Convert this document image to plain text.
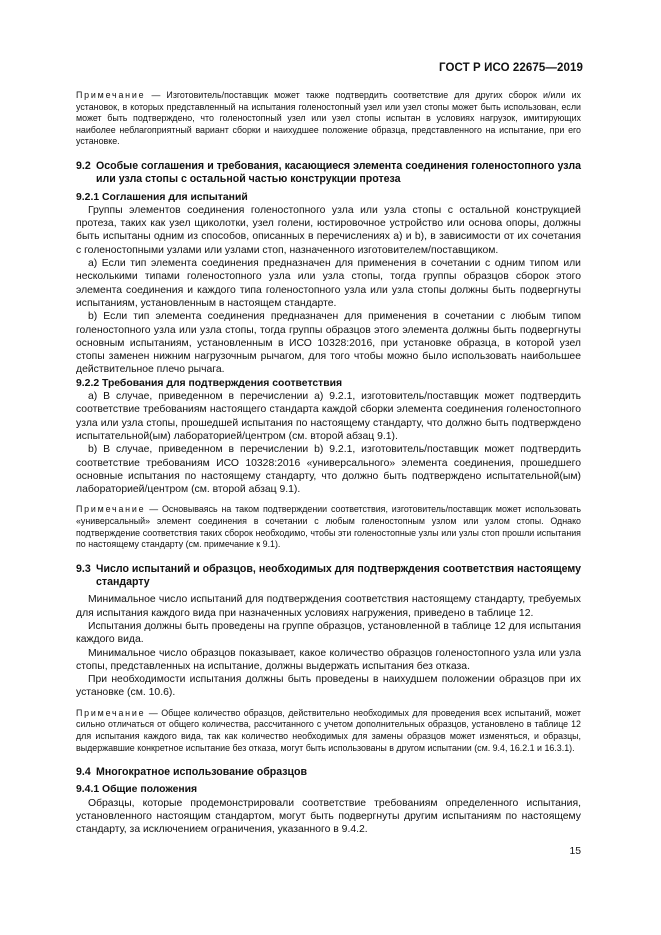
ГОСТ Р ИСО 22675—2019

Примечание — Изготовитель/поставщик может также подтвердить соответствие для других сборок и/или их установок, в которых представленный на испытания голеностопный узел или узел стопы может быть использован, если может быть подтверждено, что голеностопный узел или узел стопы испытан в условиях нагрузок, имитирующих наиболее неблагоприятный вариант сборки и наихудшее положение образца, представленного на испытание, при его установке.

9.2 Особые соглашения и требования, касающиеся элемента соединения голеностопного узла или узла стопы с остальной частью конструкции протеза

9.2.1 Соглашения для испытаний

Группы элементов соединения голеностопного узла или узла стопы с остальной конструкцией протеза, таких как узел щиколотки, узел голени, юстировочное устройство или основа опоры, должны быть испытаны одним из способов, описанных в перечислениях a) и b), в зависимости от их сочетания с голеностопными узлами или узлами стоп, назначенного изготовителем/поставщиком.

a) Если тип элемента соединения предназначен для применения в сочетании с одним типом или несколькими типами голеностопного узла или узла стопы, тогда группы образцов сборок этого элемента соединения и каждого типа голеностопного узла или узла стопы должны быть подвергнуты испытаниям, установленным в настоящем стандарте.

b) Если тип элемента соединения предназначен для применения в сочетании с любым типом голеностопного узла или узла стопы, тогда группы образцов этого элемента должны быть подвергнуты основным испытаниям, установленным в ИСО 10328:2016, при установке образца, в которой узел стопы заменен нижним нагрузочным рычагом, для того чтобы можно было использовать наибольшее действительное плечо рычага.

9.2.2 Требования для подтверждения соответствия

a) В случае, приведенном в перечислении a) 9.2.1, изготовитель/поставщик может подтвердить соответствие требованиям настоящего стандарта каждой сборки элемента соединения голеностопного узла или узла стопы, прошедшей испытания по настоящему стандарту, что должно быть подтверждено испытательной(ым) лабораторией/центром (см. второй абзац 9.1).

b) В случае, приведенном в перечислении b) 9.2.1, изготовитель/поставщик может подтвердить соответствие требованиям ИСО 10328:2016 «универсального» элемента соединения, прошедшего основные испытания по настоящему стандарту, что должно быть подтверждено испытательной(ым) лабораторией/центром (см. второй абзац 9.1).

Примечание — Основываясь на таком подтверждении соответствия, изготовитель/поставщик может использовать «универсальный» элемент соединения в сочетании с любым голеностопным узлом или узлом стопы. Однако подтверждение соответствия таких сборок необходимо, чтобы эти голеностопные узлы или узлы стоп прошли испытания по настоящему стандарту (см. примечание к 9.1).

9.3 Число испытаний и образцов, необходимых для подтверждения соответствия настоящему стандарту

Минимальное число испытаний для подтверждения соответствия настоящему стандарту, требуемых для испытания каждого вида при назначенных условиях нагружения, приведено в таблице 12.

Испытания должны быть проведены на группе образцов, установленной в таблице 12 для испытания каждого вида.

Минимальное число образцов показывает, какое количество образцов голеностопного узла или узла стопы, представленных на испытание, должны выдержать испытания без отказа.

При необходимости испытания должны быть проведены в наихудшем положении образцов при их установке (см. 10.6).

Примечание — Общее количество образцов, действительно необходимых для проведения всех испытаний, может сильно отличаться от общего количества, рассчитанного с учетом дополнительных образцов, установлено в таблице 12 для испытания каждого вида, так как количество необходимых для замены образцов может изменяться, и образцы, выдержавшие конкретное испытание без отказа, могут быть использованы в другом испытании (см. 9.4, 16.2.1 и 16.3.1).

9.4 Многократное использование образцов

9.4.1 Общие положения

Образцы, которые продемонстрировали соответствие требованиям определенного испытания, установленного настоящим стандартом, могут быть подвергнуты другим испытаниям по настоящему стандарту, за исключением ограничения, указанного в 9.4.2.

15
